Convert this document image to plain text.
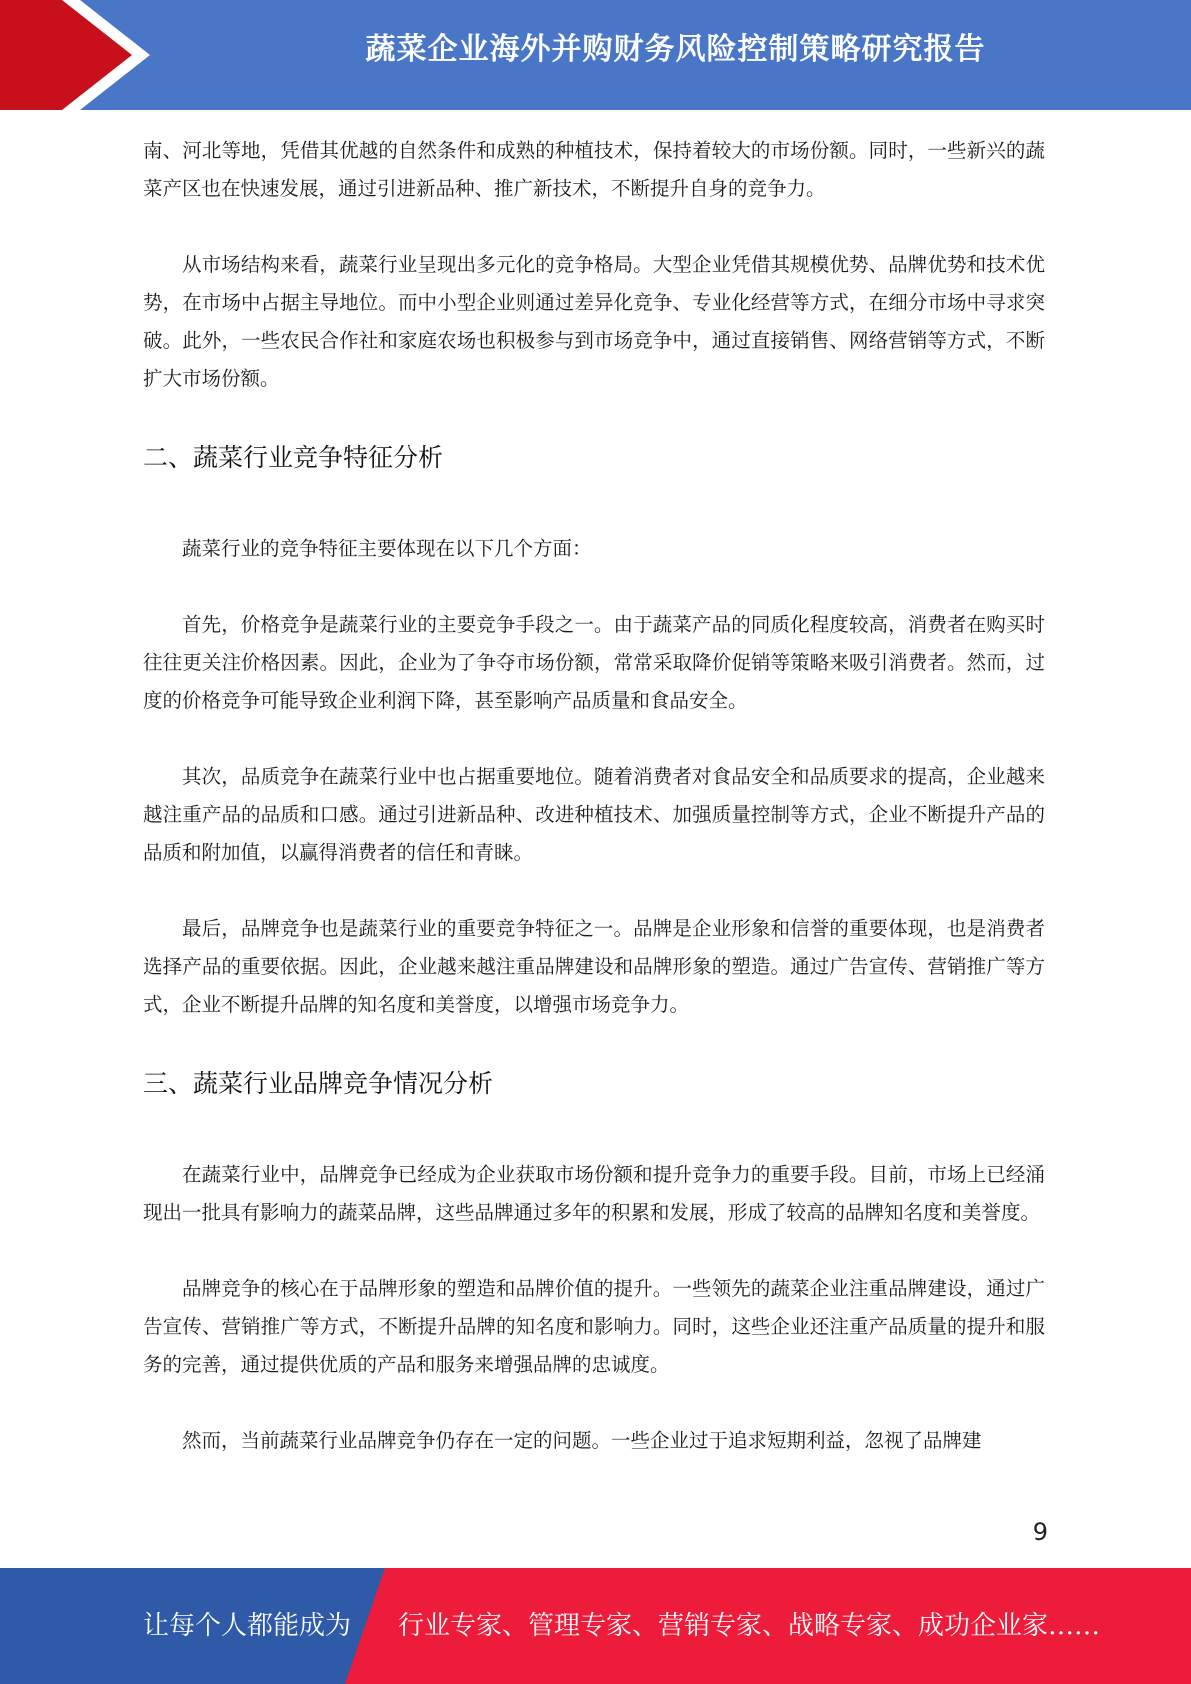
蔬菜企业海外并购财务风险控制策略研究报告

南、河北等地，凭借其优越的自然条件和成熟的种植技术，保持着较大的市场份额。同时，一些新兴的蔬菜产区也在快速发展，通过引进新品种、推广新技术，不断提升自身的竞争力。

从市场结构来看，蔬菜行业呈现出多元化的竞争格局。大型企业凭借其规模优势、品牌优势和技术优势，在市场中占据主导地位。而中小型企业则通过差异化竞争、专业化经营等方式，在细分市场中寻求突破。此外，一些农民合作社和家庭农场也积极参与到市场竞争中，通过直接销售、网络营销等方式，不断扩大市场份额。

二、蔬菜行业竞争特征分析

蔬菜行业的竞争特征主要体现在以下几个方面：

首先，价格竞争是蔬菜行业的主要竞争手段之一。由于蔬菜产品的同质化程度较高，消费者在购买时往往更关注价格因素。因此，企业为了争夺市场份额，常常采取降价促销等策略来吸引消费者。然而，过度的价格竞争可能导致企业利润下降，甚至影响产品质量和食品安全。

其次，品质竞争在蔬菜行业中也占据重要地位。随着消费者对食品安全和品质要求的提高，企业越来越注重产品的品质和口感。通过引进新品种、改进种植技术、加强质量控制等方式，企业不断提升产品的品质和附加值，以赢得消费者的信任和青睐。

最后，品牌竞争也是蔬菜行业的重要竞争特征之一。品牌是企业形象和信誉的重要体现，也是消费者选择产品的重要依据。因此，企业越来越注重品牌建设和品牌形象的塑造。通过广告宣传、营销推广等方式，企业不断提升品牌的知名度和美誉度，以增强市场竞争力。

三、蔬菜行业品牌竞争情况分析

在蔬菜行业中，品牌竞争已经成为企业获取市场份额和提升竞争力的重要手段。目前，市场上已经涌现出一批具有影响力的蔬菜品牌，这些品牌通过多年的积累和发展，形成了较高的品牌知名度和美誉度。

品牌竞争的核心在于品牌形象的塑造和品牌价值的提升。一些领先的蔬菜企业注重品牌建设，通过广告宣传、营销推广等方式，不断提升品牌的知名度和影响力。同时，这些企业还注重产品质量的提升和服务的完善，通过提供优质的产品和服务来增强品牌的忠诚度。

然而，当前蔬菜行业品牌竞争仍存在一定的问题。一些企业过于追求短期利益，忽视了品牌建

9
让每个人都能成为 行业专家、管理专家、营销专家、战略专家、成功企业家……
